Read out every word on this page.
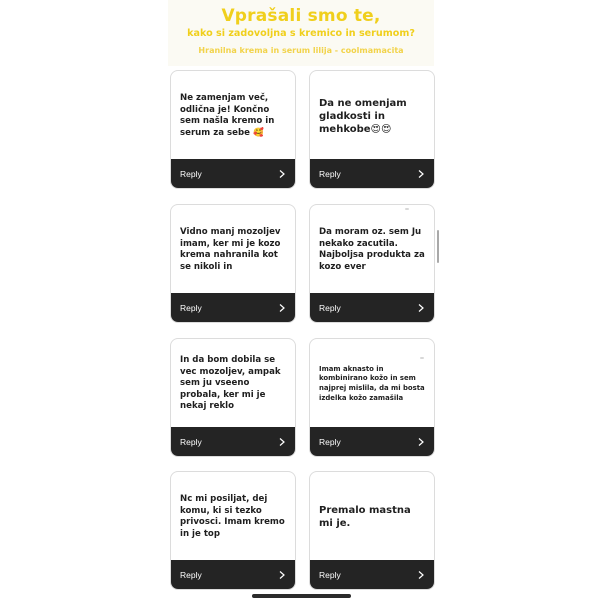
Vprašali smo te,
kako si zadovoljna s kremico in serumom?
Hranilna krema in serum lilija - coolmamacita
Ne zamenjam več, odlična je! Končno sem našla kremo in serum za sebe 🥰
Reply
Da ne omenjam gladkosti in mehkobe😍😍
Reply
Vidno manj mozoljev imam, ker mi je kozo krema nahranila kot se nikoli in
Reply
Da moram oz. sem Ju nekako zacutila. Najboljsa produkta za kozo ever
Reply
In da bom dobila se vec mozoljev, ampak sem ju vseeno probala, ker mi je nekaj reklo
Reply
Imam aknasto in kombinirano kožo in sem najprej mislila, da mi bosta izdelka kožo zamašila
Reply
Nc mi posiljat, dej komu, ki si tezko privosci. Imam kremo in je top
Reply
Premalo mastna mi je.
Reply
